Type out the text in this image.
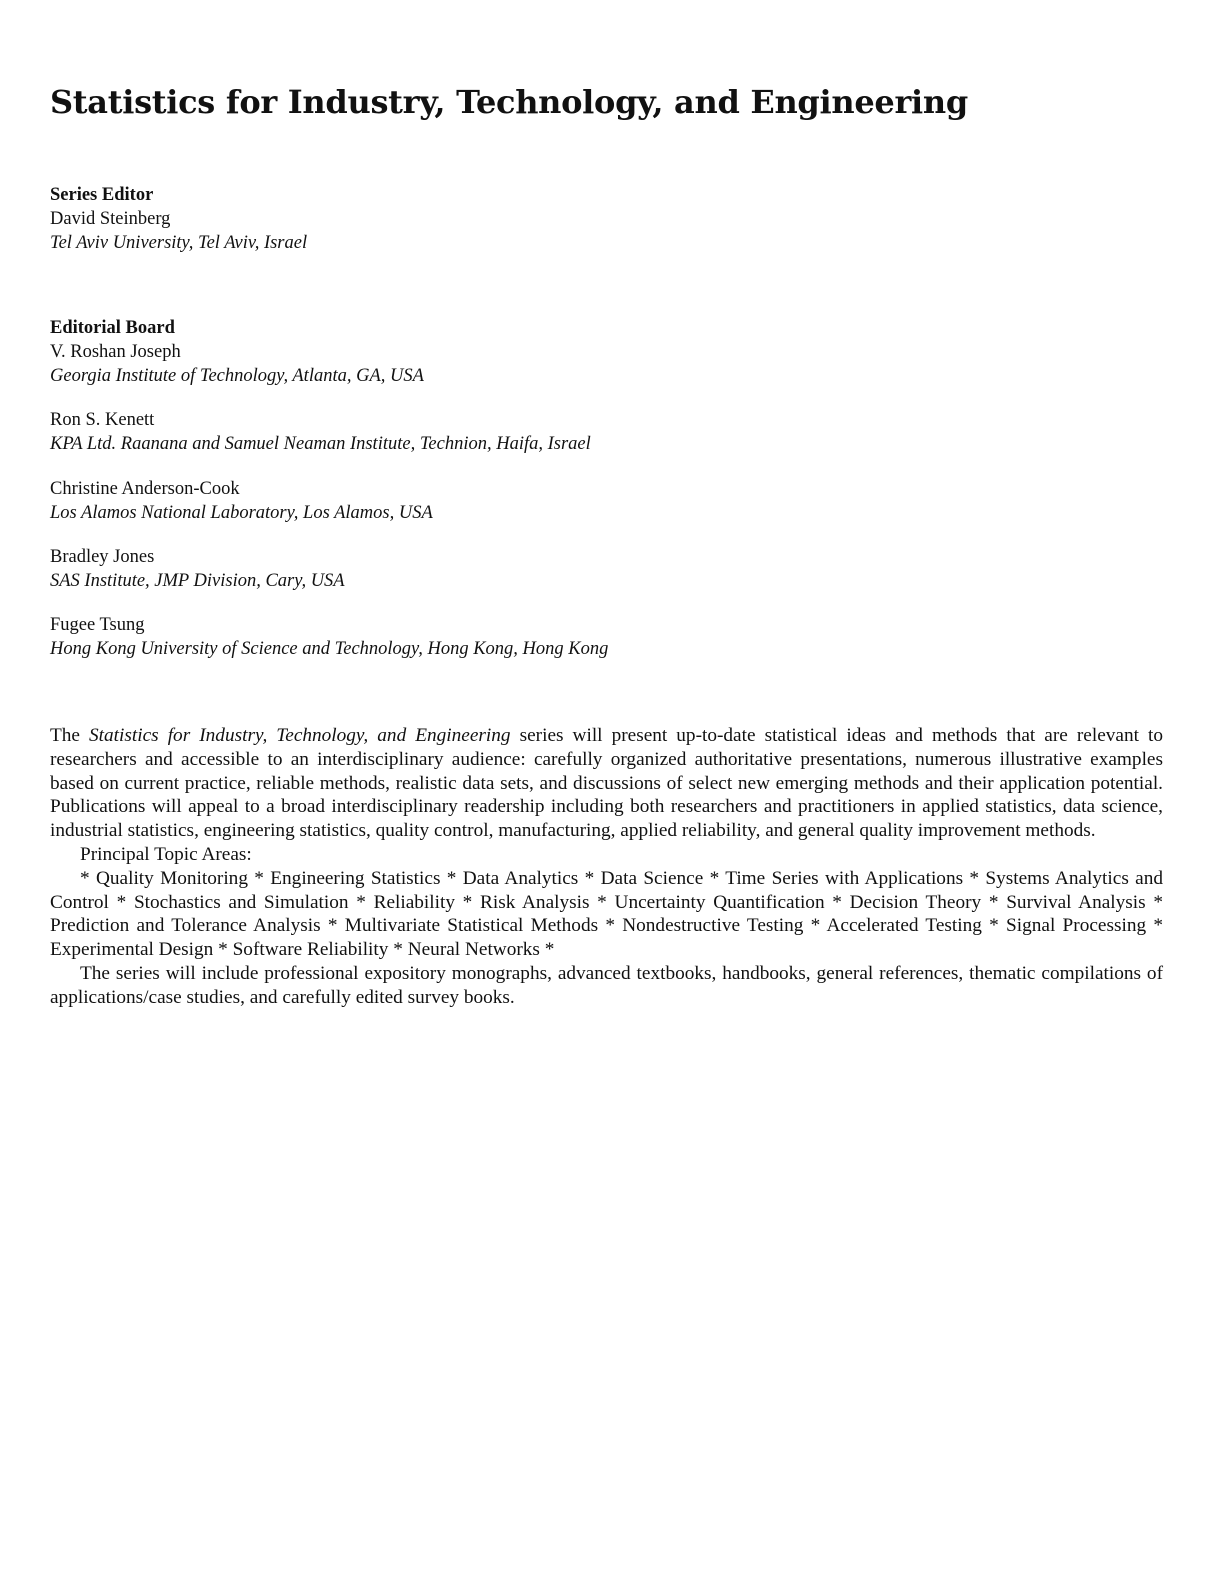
Statistics for Industry, Technology, and Engineering
Series Editor
David Steinberg
Tel Aviv University, Tel Aviv, Israel
Editorial Board
V. Roshan Joseph
Georgia Institute of Technology, Atlanta, GA, USA
Ron S. Kenett
KPA Ltd. Raanana and Samuel Neaman Institute, Technion, Haifa, Israel
Christine Anderson-Cook
Los Alamos National Laboratory, Los Alamos, USA
Bradley Jones
SAS Institute, JMP Division, Cary, USA
Fugee Tsung
Hong Kong University of Science and Technology, Hong Kong, Hong Kong

The Statistics for Industry, Technology, and Engineering series will present up-to-date statistical ideas and methods that are relevant to researchers and accessible to an interdisciplinary audience: carefully organized authoritative presentations, numerous illustrative examples based on current practice, reliable methods, realistic data sets, and discussions of select new emerging methods and their application potential. Publications will appeal to a broad interdisciplinary readership including both researchers and practitioners in applied statistics, data science, industrial statistics, engineering statistics, quality control, manufacturing, applied reliability, and general quality improvement methods.

Principal Topic Areas:

* Quality Monitoring * Engineering Statistics * Data Analytics * Data Science * Time Series with Applications * Systems Analytics and Control * Stochastics and Simulation * Reliability * Risk Analysis * Uncertainty Quantification * Decision Theory * Survival Analysis * Prediction and Tolerance Analysis * Multivariate Statistical Methods * Nondestructive Testing * Accelerated Testing * Signal Processing * Experimental Design * Software Reliability * Neural Networks *

The series will include professional expository monographs, advanced textbooks, handbooks, general references, thematic compilations of applications/case studies, and carefully edited survey books.
